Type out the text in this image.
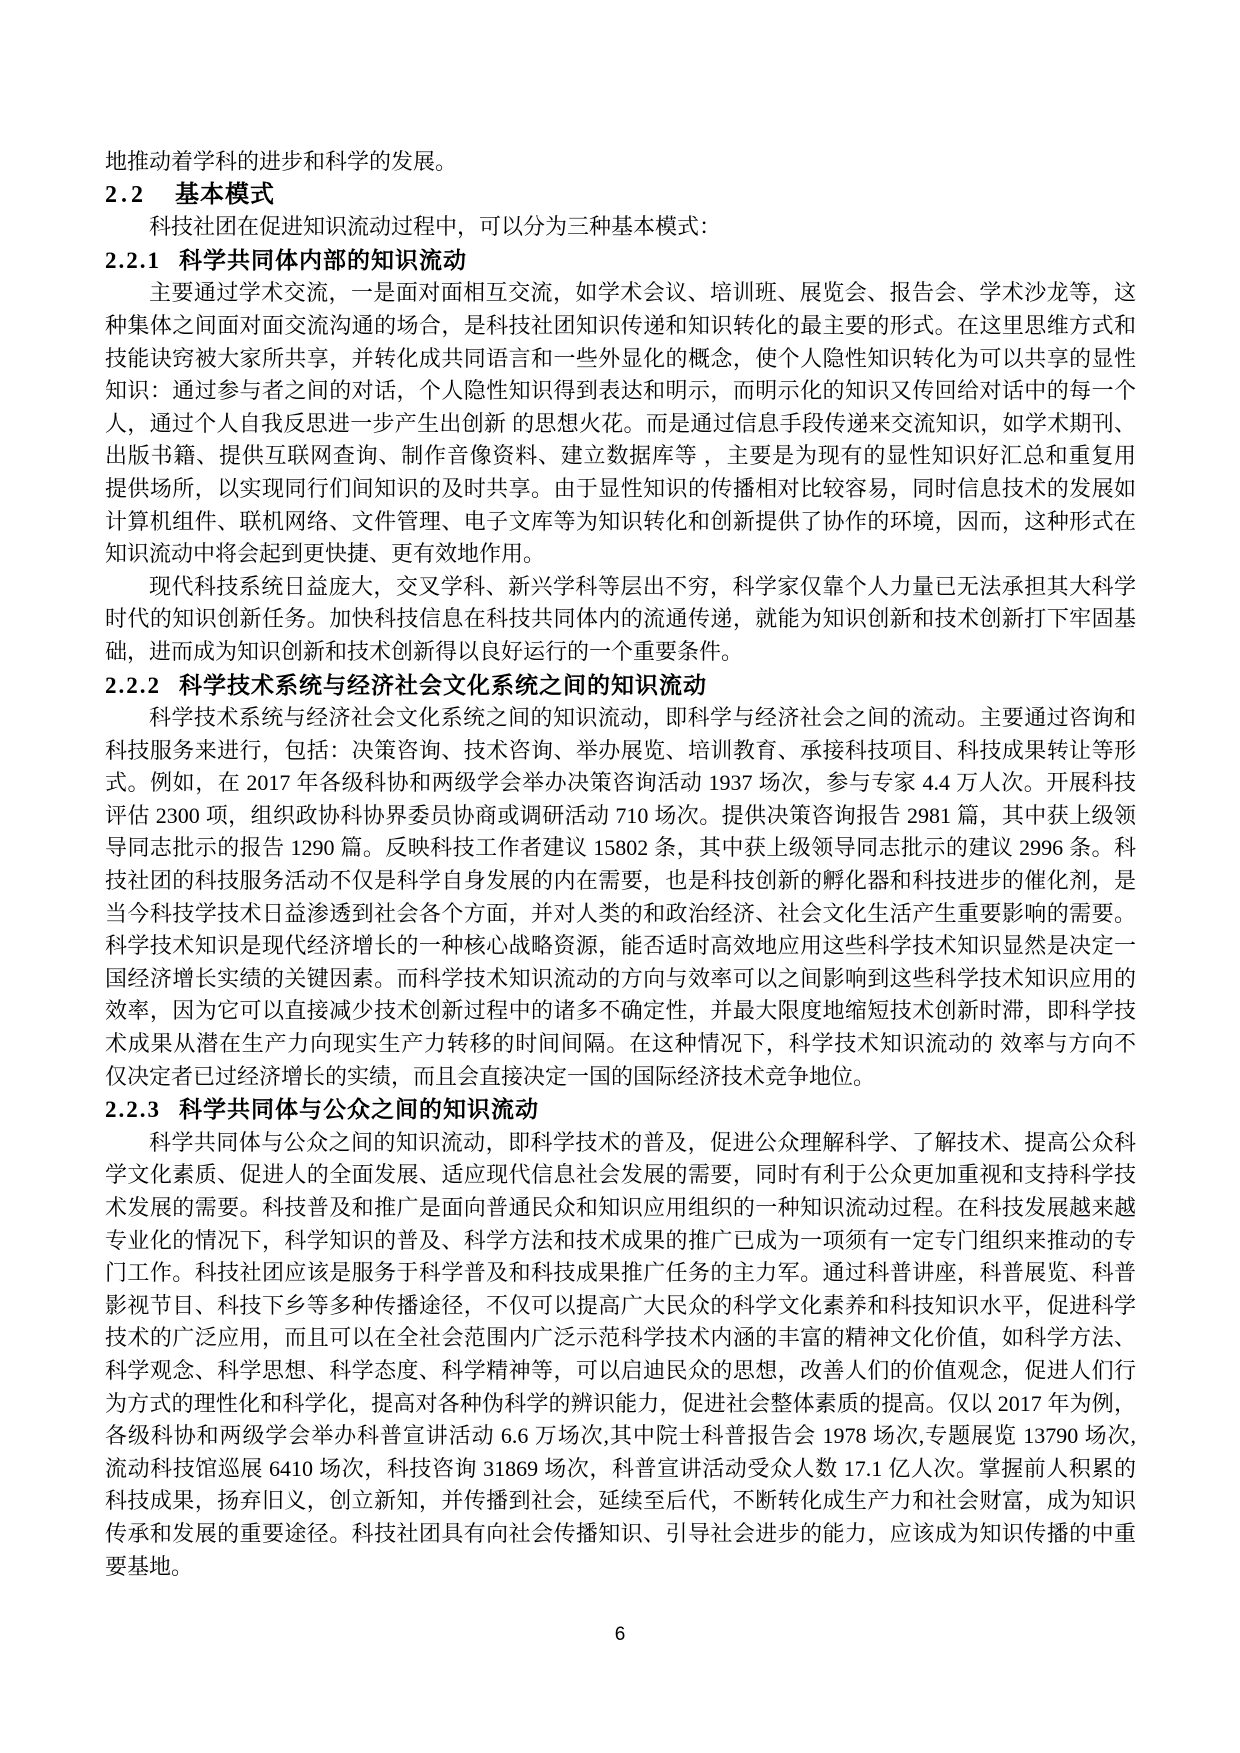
地推动着学科的进步和科学的发展。
2.2 基本模式
科技社团在促进知识流动过程中，可以分为三种基本模式：
2.2.1 科学共同体内部的知识流动
主要通过学术交流，一是面对面相互交流，如学术会议、培训班、展览会、报告会、学术沙龙等，这
种集体之间面对面交流沟通的场合，是科技社团知识传递和知识转化的最主要的形式。在这里思维方式和
技能诀窍被大家所共享，并转化成共同语言和一些外显化的概念，使个人隐性知识转化为可以共享的显性
知识：通过参与者之间的对话，个人隐性知识得到表达和明示，而明示化的知识又传回给对话中的每一个
人，通过个人自我反思进一步产生出创新 的思想火花。而是通过信息手段传递来交流知识，如学术期刊、
出版书籍、提供互联网查询、制作音像资料、建立数据库等 ，主要是为现有的显性知识好汇总和重复用
提供场所，以实现同行们间知识的及时共享。由于显性知识的传播相对比较容易，同时信息技术的发展如
计算机组件、联机网络、文件管理、电子文库等为知识转化和创新提供了协作的环境，因而，这种形式在
知识流动中将会起到更快捷、更有效地作用。
现代科技系统日益庞大，交叉学科、新兴学科等层出不穷，科学家仅靠个人力量已无法承担其大科学
时代的知识创新任务。加快科技信息在科技共同体内的流通传递，就能为知识创新和技术创新打下牢固基
础，进而成为知识创新和技术创新得以良好运行的一个重要条件。
2.2.2 科学技术系统与经济社会文化系统之间的知识流动
科学技术系统与经济社会文化系统之间的知识流动，即科学与经济社会之间的流动。主要通过咨询和
科技服务来进行，包括：决策咨询、技术咨询、举办展览、培训教育、承接科技项目、科技成果转让等形
式。例如，在 2017 年各级科协和两级学会举办决策咨询活动 1937 场次，参与专家 4.4 万人次。开展科技
评估 2300 项，组织政协科协界委员协商或调研活动 710 场次。提供决策咨询报告 2981 篇，其中获上级领
导同志批示的报告 1290 篇。反映科技工作者建议 15802 条，其中获上级领导同志批示的建议 2996 条。科
技社团的科技服务活动不仅是科学自身发展的内在需要，也是科技创新的孵化器和科技进步的催化剂，是
当今科技学技术日益渗透到社会各个方面，并对人类的和政治经济、社会文化生活产生重要影响的需要。
科学技术知识是现代经济增长的一种核心战略资源，能否适时高效地应用这些科学技术知识显然是决定一
国经济增长实绩的关键因素。而科学技术知识流动的方向与效率可以之间影响到这些科学技术知识应用的
效率，因为它可以直接减少技术创新过程中的诸多不确定性，并最大限度地缩短技术创新时滞，即科学技
术成果从潜在生产力向现实生产力转移的时间间隔。在这种情况下，科学技术知识流动的 效率与方向不
仅决定者已过经济增长的实绩，而且会直接决定一国的国际经济技术竞争地位。
2.2.3 科学共同体与公众之间的知识流动
科学共同体与公众之间的知识流动，即科学技术的普及，促进公众理解科学、了解技术、提高公众科
学文化素质、促进人的全面发展、适应现代信息社会发展的需要，同时有利于公众更加重视和支持科学技
术发展的需要。科技普及和推广是面向普通民众和知识应用组织的一种知识流动过程。在科技发展越来越
专业化的情况下，科学知识的普及、科学方法和技术成果的推广已成为一项须有一定专门组织来推动的专
门工作。科技社团应该是服务于科学普及和科技成果推广任务的主力军。通过科普讲座，科普展览、科普
影视节目、科技下乡等多种传播途径，不仅可以提高广大民众的科学文化素养和科技知识水平，促进科学
技术的广泛应用，而且可以在全社会范围内广泛示范科学技术内涵的丰富的精神文化价值，如科学方法、
科学观念、科学思想、科学态度、科学精神等，可以启迪民众的思想，改善人们的价值观念，促进人们行
为方式的理性化和科学化，提高对各种伪科学的辨识能力，促进社会整体素质的提高。仅以 2017 年为例，
各级科协和两级学会举办科普宣讲活动 6.6 万场次,其中院士科普报告会 1978 场次,专题展览 13790 场次,
流动科技馆巡展 6410 场次，科技咨询 31869 场次，科普宣讲活动受众人数 17.1 亿人次。掌握前人积累的
科技成果，扬弃旧义，创立新知，并传播到社会，延续至后代，不断转化成生产力和社会财富，成为知识
传承和发展的重要途径。科技社团具有向社会传播知识、引导社会进步的能力，应该成为知识传播的中重
要基地。
6
